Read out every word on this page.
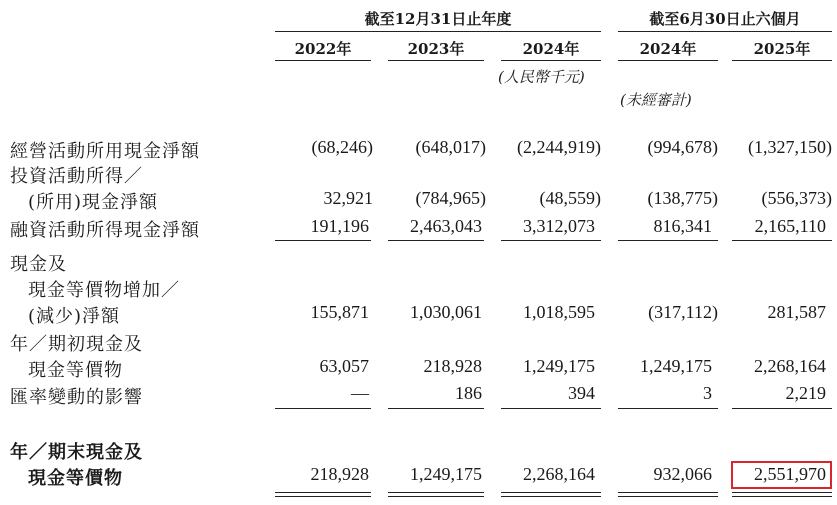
截至12月31日止年度	截至6月30日止六個月
2022年	2023年	2024年	2024年	2025年
(人民幣千元)
(未經審計)
經營活動所用現金淨額	(68,246)	(648,017)	(2,244,919)	(994,678)	(1,327,150)
投資活動所得／
(所用)現金淨額	32,921	(784,965)	(48,559)	(138,775)	(556,373)
融資活動所得現金淨額	191,196	2,463,043	3,312,073	816,341	2,165,110
現金及
現金等價物增加／
(減少)淨額	155,871	1,030,061	1,018,595	(317,112)	281,587
年／期初現金及
現金等價物	63,057	218,928	1,249,175	1,249,175	2,268,164
匯率變動的影響	—	186	394	3	2,219
年／期末現金及
現金等價物	218,928	1,249,175	2,268,164	932,066	2,551,970
